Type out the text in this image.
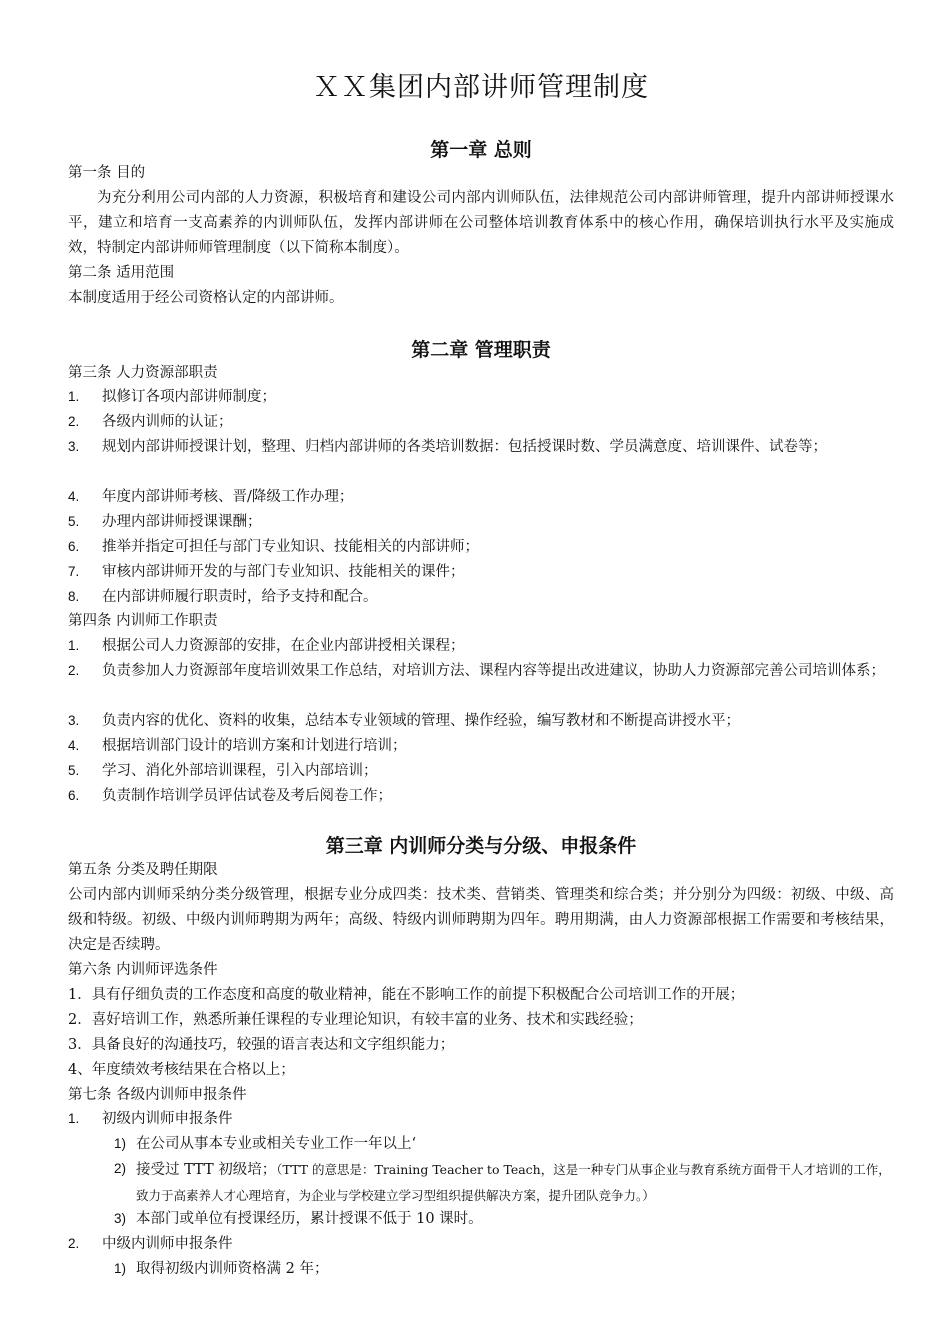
ＸＸ集团内部讲师管理制度
第一章 总则
第一条 目的
为充分利用公司内部的人力资源，积极培育和建设公司内部内训师队伍，法律规范公司内部讲师管理，提升内部讲师授课水平，建立和培育一支高素养的内训师队伍，发挥内部讲师在公司整体培训教育体系中的核心作用，确保培训执行水平及实施成效，特制定内部讲师师管理制度（以下简称本制度）。
第二条 适用范围
本制度适用于经公司资格认定的内部讲师。
第二章 管理职责
第三条 人力资源部职责
1. 拟修订各项内部讲师制度；
2. 各级内训师的认证；
3. 规划内部讲师授课计划，整理、归档内部讲师的各类培训数据：包括授课时数、学员满意度、培训课件、试卷等；
4. 年度内部讲师考核、晋/降级工作办理；
5. 办理内部讲师授课课酬；
6. 推举并指定可担任与部门专业知识、技能相关的内部讲师；
7. 审核内部讲师开发的与部门专业知识、技能相关的课件；
8. 在内部讲师履行职责时，给予支持和配合。
第四条 内训师工作职责
1. 根据公司人力资源部的安排，在企业内部讲授相关课程；
2. 负责参加人力资源部年度培训效果工作总结，对培训方法、课程内容等提出改进建议，协助人力资源部完善公司培训体系；
3. 负责内容的优化、资料的收集，总结本专业领域的管理、操作经验，编写教材和不断提高讲授水平；
4. 根据培训部门设计的培训方案和计划进行培训；
5. 学习、消化外部培训课程，引入内部培训；
6. 负责制作培训学员评估试卷及考后阅卷工作；
第三章 内训师分类与分级、申报条件
第五条 分类及聘任期限
公司内部内训师采纳分类分级管理，根据专业分成四类：技术类、营销类、管理类和综合类；并分别分为四级：初级、中级、高级和特级。初级、中级内训师聘期为两年；高级、特级内训师聘期为四年。聘用期满，由人力资源部根据工作需要和考核结果，决定是否续聘。
第六条 内训师评选条件
1．具有仔细负责的工作态度和高度的敬业精神，能在不影响工作的前提下积极配合公司培训工作的开展；
2．喜好培训工作，熟悉所兼任课程的专业理论知识，有较丰富的业务、技术和实践经验；
3．具备良好的沟通技巧，较强的语言表达和文字组织能力；
4、年度绩效考核结果在合格以上；
第七条 各级内训师申报条件
1. 初级内训师申报条件
1) 在公司从事本专业或相关专业工作一年以上‘
2) 接受过 TTT 初级培；（TTT 的意思是：Training Teacher to Teach，这是一种专门从事企业与教育系统方面骨干人才培训的工作，致力于高素养人才心理培育，为企业与学校建立学习型组织提供解决方案，提升团队竞争力。）
3) 本部门或单位有授课经历，累计授课不低于 10 课时。
2. 中级内训师申报条件
1) 取得初级内训师资格满 2 年；
